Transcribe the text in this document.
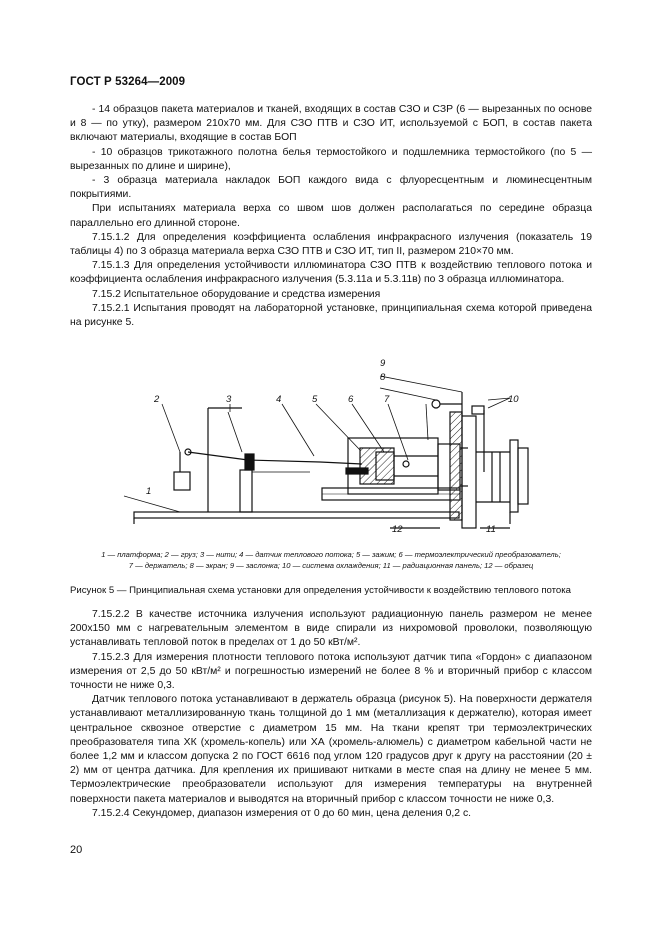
ГОСТ Р 53264—2009

- 14 образцов пакета материалов и тканей, входящих в состав СЗО и СЗР (6 — вырезанных по основе и 8 — по утку), размером 210х70 мм. Для СЗО ПТВ и СЗО ИТ, используемой с БОП, в состав пакета включают материалы, входящие в состав БОП

- 10 образцов трикотажного полотна белья термостойкого и подшлемника термостойкого (по 5 — вырезанных по длине и ширине),

- 3 образца материала накладок БОП каждого вида с флуоресцентным и люминесцентным покрытиями.

При испытаниях материала верха со швом шов должен располагаться по середине образца параллельно его длинной стороне.

7.15.1.2 Для определения коэффициента ослабления инфракрасного излучения (показатель 19 таблицы 4) по 3 образца материала верха СЗО ПТВ и СЗО ИТ, тип II, размером 210×70 мм.

7.15.1.3 Для определения устойчивости иллюминатора СЗО ПТВ к воздействию теплового потока и коэффициента ослабления инфракрасного излучения (5.3.11а и 5.3.11в) по 3 образца иллюминатора.

7.15.2 Испытательное оборудование и средства измерения

7.15.2.1 Испытания проводят на лабораторной установке, принципиальная схема которой приведена на рисунке 5.

1
2	3	4	5	6	7
8
9
10
11
12
1 — платформа; 2 — груз; 3 — нити; 4 — датчик теплового потока; 5 — зажим; 6 — термоэлектрический преобразователь;
7 — держатель; 8 — экран; 9 — заслонка; 10 — система охлаждения; 11 — радиационная панель; 12 — образец
Рисунок 5 — Принципиальная схема установки для определения устойчивости к воздействию теплового потока

7.15.2.2 В качестве источника излучения используют радиационную панель размером не менее 200х150 мм с нагревательным элементом в виде спирали из нихромовой проволоки, позволяющую устанавливать тепловой поток в пределах от 1 до 50 кВт/м².

7.15.2.3 Для измерения плотности теплового потока используют датчик типа «Гордон» с диапазоном измерения от 2,5 до 50 кВт/м² и погрешностью измерений не более 8 % и вторичный прибор с классом точности не ниже 0,3.

Датчик теплового потока устанавливают в держатель образца (рисунок 5). На поверхности держателя устанавливают металлизированную ткань толщиной до 1 мм (металлизация к держателю), которая имеет центральное сквозное отверстие с диаметром 15 мм. На ткани крепят три термоэлектрических преобразователя типа ХК (хромель-копель) или ХА (хромель-алюмель) с диаметром кабельной части не более 1,2 мм и классом допуска 2 по ГОСТ 6616 под углом 120 градусов друг к другу на расстоянии (20 ± 2) мм от центра датчика. Для крепления их пришивают нитками в месте спая на длину не менее 5 мм. Термоэлектрические преобразователи используют для измерения температуры на внутренней поверхности пакета материалов и выводятся на вторичный прибор с классом точности не ниже 0,3.

7.15.2.4 Секундомер, диапазон измерения от 0 до 60 мин, цена деления 0,2 с.

20
